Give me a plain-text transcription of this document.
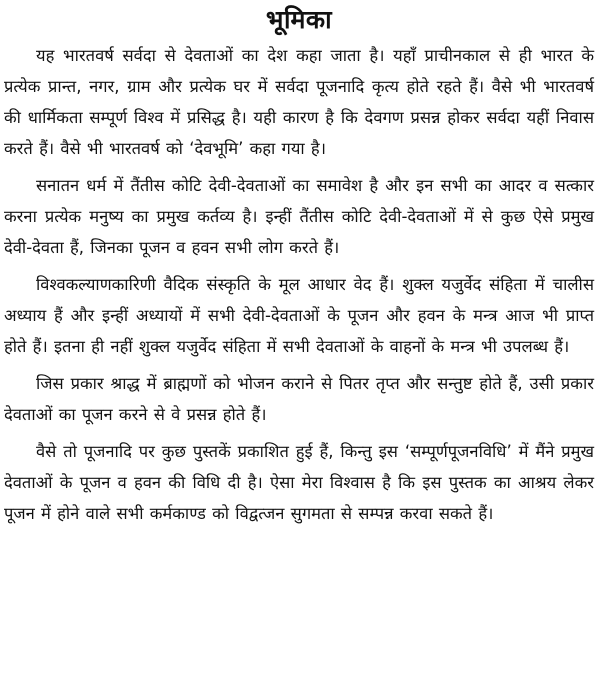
भूमिका

यह भारतवर्ष सर्वदा से देवताओं का देश कहा जाता है। यहाँ प्राचीनकाल से ही भारत के प्रत्येक प्रान्त, नगर, ग्राम और प्रत्येक घर में सर्वदा पूजनादि कृत्य होते रहते हैं। वैसे भी भारतवर्ष की धार्मिकता सम्पूर्ण विश्व में प्रसिद्ध है। यही कारण है कि देवगण प्रसन्न होकर सर्वदा यहीं निवास करते हैं। वैसे भी भारतवर्ष को ‘देवभूमि’ कहा गया है।

सनातन धर्म में तैंतीस कोटि देवी-देवताओं का समावेश है और इन सभी का आदर व सत्कार करना प्रत्येक मनुष्य का प्रमुख कर्तव्य है। इन्हीं तैंतीस कोटि देवी-देवताओं में से कुछ ऐसे प्रमुख देवी-देवता हैं, जिनका पूजन व हवन सभी लोग करते हैं।

विश्वकल्याणकारिणी वैदिक संस्कृति के मूल आधार वेद हैं। शुक्ल यजुर्वेद संहिता में चालीस अध्याय हैं और इन्हीं अध्यायों में सभी देवी-देवताओं के पूजन और हवन के मन्त्र आज भी प्राप्त होते हैं। इतना ही नहीं शुक्ल यजुर्वेद संहिता में सभी देवताओं के वाहनों के मन्त्र भी उपलब्ध हैं।

जिस प्रकार श्राद्ध में ब्राह्मणों को भोजन कराने से पितर तृप्त और सन्तुष्ट होते हैं, उसी प्रकार देवताओं का पूजन करने से वे प्रसन्न होते हैं।

वैसे तो पूजनादि पर कुछ पुस्तकें प्रकाशित हुई हैं, किन्तु इस ‘सम्पूर्णपूजनविधि’ में मैंने प्रमुख देवताओं के पूजन व हवन की विधि दी है। ऐसा मेरा विश्वास है कि इस पुस्तक का आश्रय लेकर पूजन में होने वाले सभी कर्मकाण्ड को विद्वत्जन सुगमता से सम्पन्न करवा सकते हैं।
